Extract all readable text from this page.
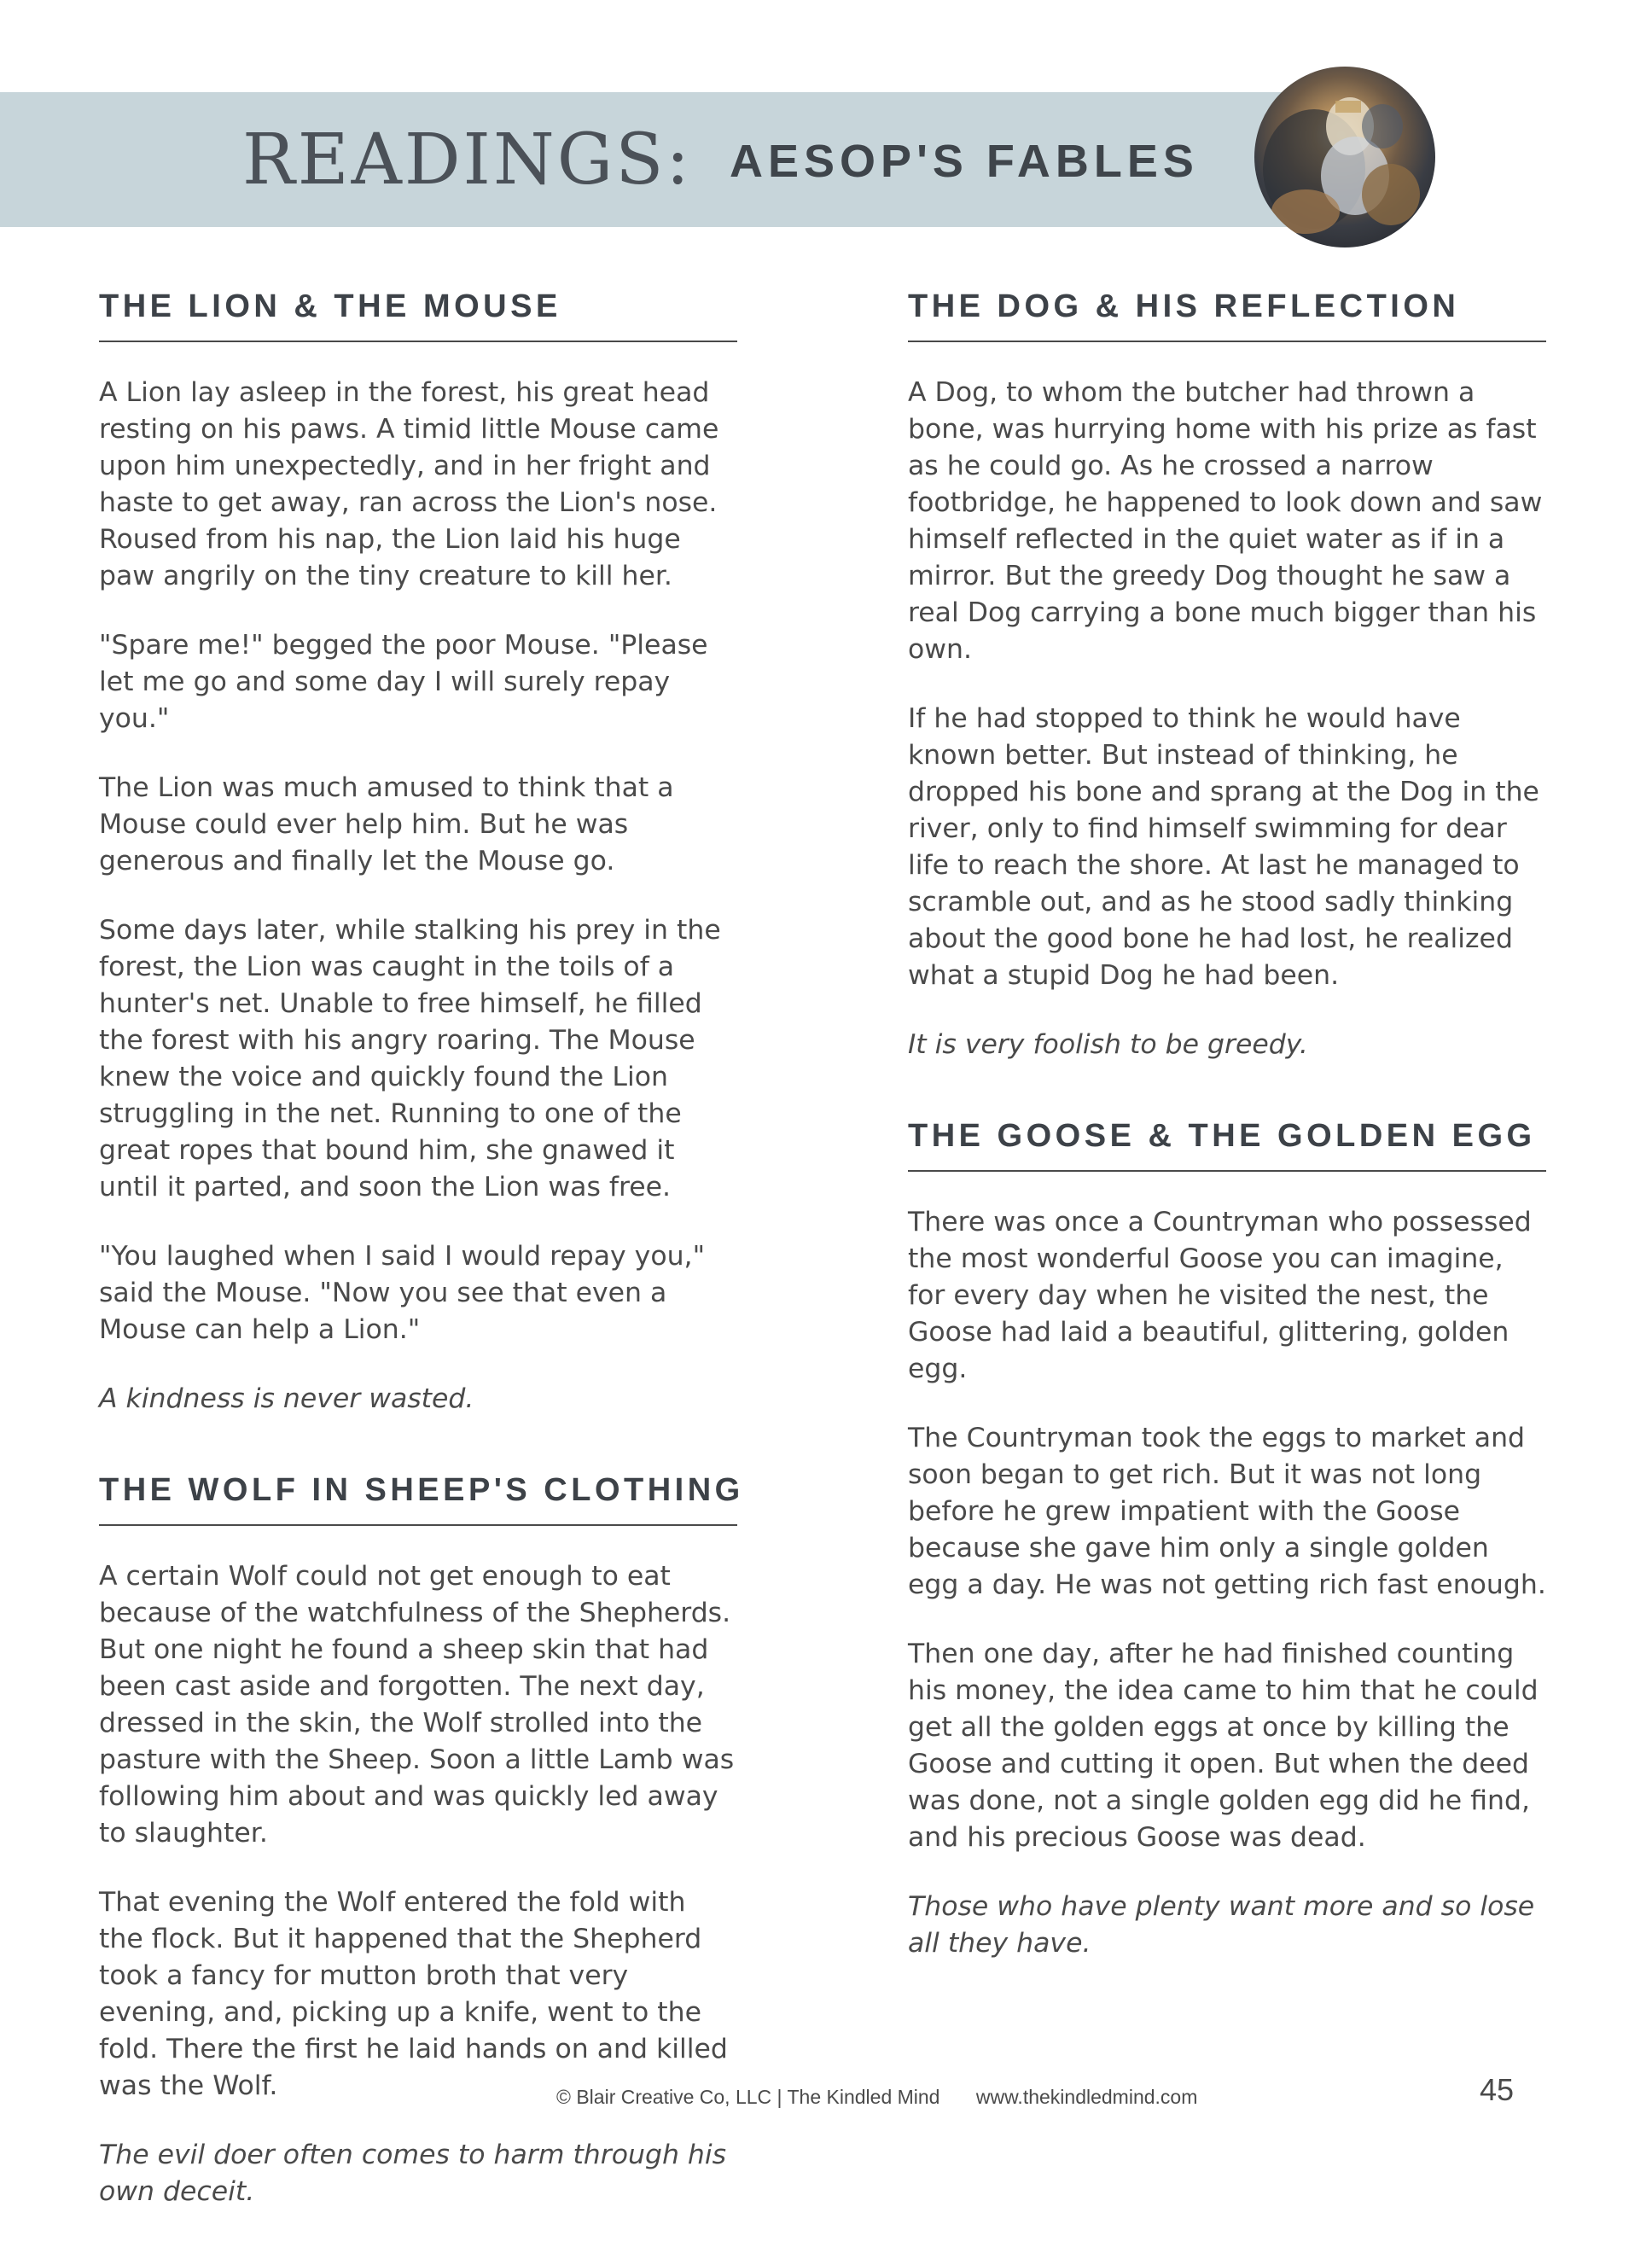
READINGS: AESOP'S FABLES
THE LION & THE MOUSE

A Lion lay asleep in the forest, his great head resting on his paws. A timid little Mouse came upon him unexpectedly, and in her fright and haste to get away, ran across the Lion's nose. Roused from his nap, the Lion laid his huge paw angrily on the tiny creature to kill her.

"Spare me!" begged the poor Mouse. "Please let me go and some day I will surely repay you."

The Lion was much amused to think that a Mouse could ever help him. But he was generous and finally let the Mouse go.

Some days later, while stalking his prey in the forest, the Lion was caught in the toils of a hunter's net. Unable to free himself, he filled the forest with his angry roaring. The Mouse knew the voice and quickly found the Lion struggling in the net. Running to one of the great ropes that bound him, she gnawed it until it parted, and soon the Lion was free.

"You laughed when I said I would repay you," said the Mouse. "Now you see that even a Mouse can help a Lion."

A kindness is never wasted.

THE WOLF IN SHEEP'S CLOTHING

A certain Wolf could not get enough to eat because of the watchfulness of the Shepherds. But one night he found a sheep skin that had been cast aside and forgotten. The next day, dressed in the skin, the Wolf strolled into the pasture with the Sheep. Soon a little Lamb was following him about and was quickly led away to slaughter.

That evening the Wolf entered the fold with the flock. But it happened that the Shepherd took a fancy for mutton broth that very evening, and, picking up a knife, went to the fold. There the first he laid hands on and killed was the Wolf.

The evil doer often comes to harm through his own deceit.

THE DOG & HIS REFLECTION

A Dog, to whom the butcher had thrown a bone, was hurrying home with his prize as fast as he could go. As he crossed a narrow footbridge, he happened to look down and saw himself reflected in the quiet water as if in a mirror. But the greedy Dog thought he saw a real Dog carrying a bone much bigger than his own.

If he had stopped to think he would have known better. But instead of thinking, he dropped his bone and sprang at the Dog in the river, only to find himself swimming for dear life to reach the shore. At last he managed to scramble out, and as he stood sadly thinking about the good bone he had lost, he realized what a stupid Dog he had been.

It is very foolish to be greedy.

THE GOOSE & THE GOLDEN EGG

There was once a Countryman who possessed the most wonderful Goose you can imagine, for every day when he visited the nest, the Goose had laid a beautiful, glittering, golden egg.

The Countryman took the eggs to market and soon began to get rich. But it was not long before he grew impatient with the Goose because she gave him only a single golden egg a day. He was not getting rich fast enough.

Then one day, after he had finished counting his money, the idea came to him that he could get all the golden eggs at once by killing the Goose and cutting it open. But when the deed was done, not a single golden egg did he find, and his precious Goose was dead.

Those who have plenty want more and so lose all they have.

© Blair Creative Co, LLC | The Kindled Mind www.thekindledmind.com	45
